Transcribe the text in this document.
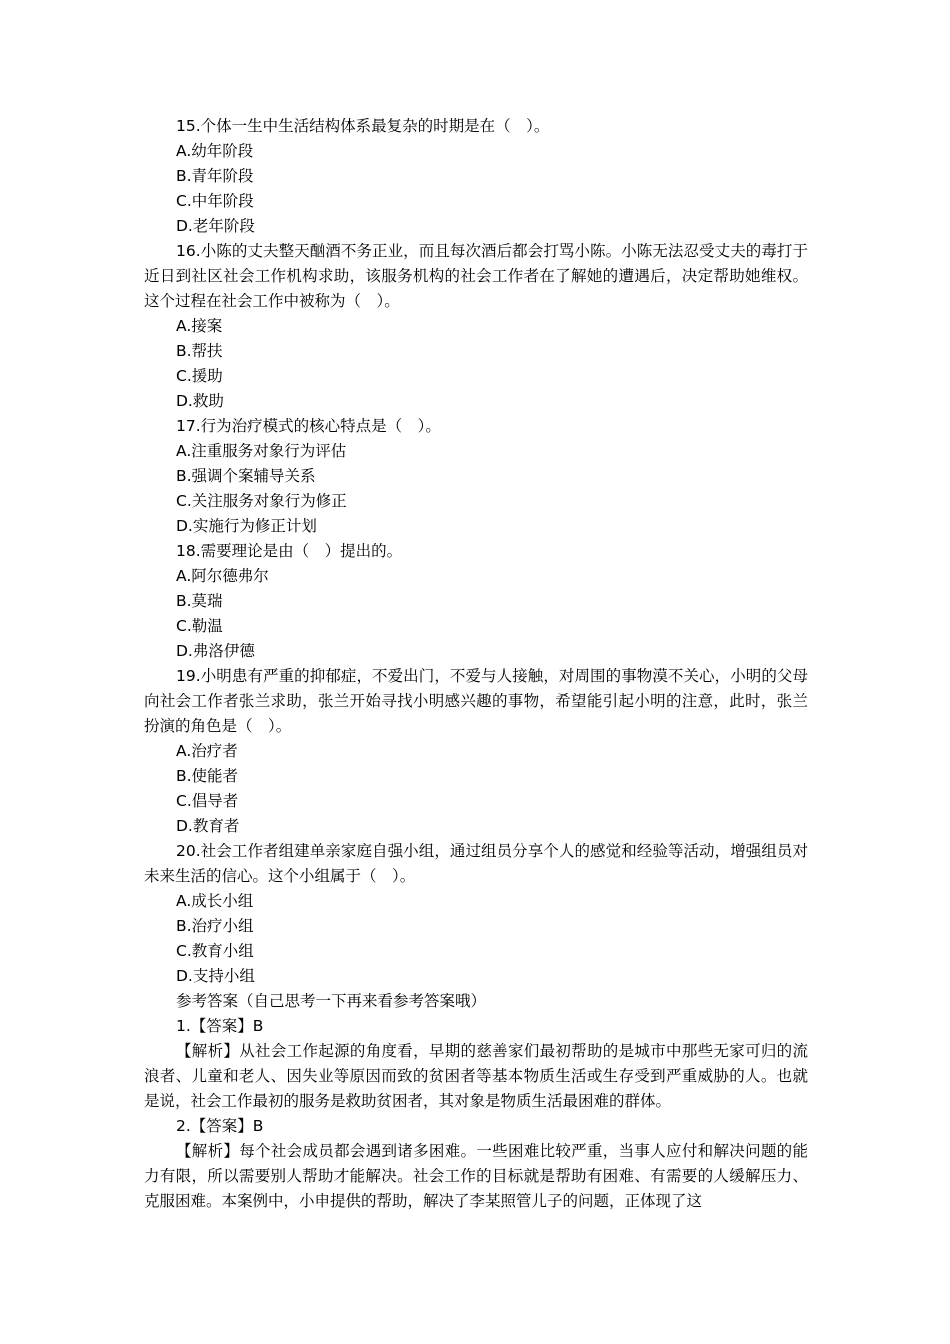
15.个体一生中生活结构体系最复杂的时期是在（　）。
A.幼年阶段
B.青年阶段
C.中年阶段
D.老年阶段

16.小陈的丈夫整天酗酒不务正业，而且每次酒后都会打骂小陈。小陈无法忍受丈夫的毒打于近日到社区社会工作机构求助，该服务机构的社会工作者在了解她的遭遇后，决定帮助她维权。这个过程在社会工作中被称为（　）。

A.接案
B.帮扶
C.援助
D.救助
17.行为治疗模式的核心特点是（　）。
A.注重服务对象行为评估
B.强调个案辅导关系
C.关注服务对象行为修正
D.实施行为修正计划
18.需要理论是由（　）提出的。
A.阿尔德弗尔
B.莫瑞
C.勒温
D.弗洛伊德

19.小明患有严重的抑郁症，不爱出门，不爱与人接触，对周围的事物漠不关心，小明的父母向社会工作者张兰求助，张兰开始寻找小明感兴趣的事物，希望能引起小明的注意，此时，张兰扮演的角色是（　）。

A.治疗者
B.使能者
C.倡导者
D.教育者

20.社会工作者组建单亲家庭自强小组，通过组员分享个人的感觉和经验等活动，增强组员对未来生活的信心。这个小组属于（　）。

A.成长小组
B.治疗小组
C.教育小组
D.支持小组
参考答案（自己思考一下再来看参考答案哦）
1.【答案】B

【解析】从社会工作起源的角度看，早期的慈善家们最初帮助的是城市中那些无家可归的流浪者、儿童和老人、因失业等原因而致的贫困者等基本物质生活或生存受到严重威胁的人。也就是说，社会工作最初的服务是救助贫困者，其对象是物质生活最困难的群体。

2.【答案】B

【解析】每个社会成员都会遇到诸多困难。一些困难比较严重，当事人应付和解决问题的能力有限，所以需要别人帮助才能解决。社会工作的目标就是帮助有困难、有需要的人缓解压力、克服困难。本案例中，小申提供的帮助，解决了李某照管儿子的问题，正体现了这
